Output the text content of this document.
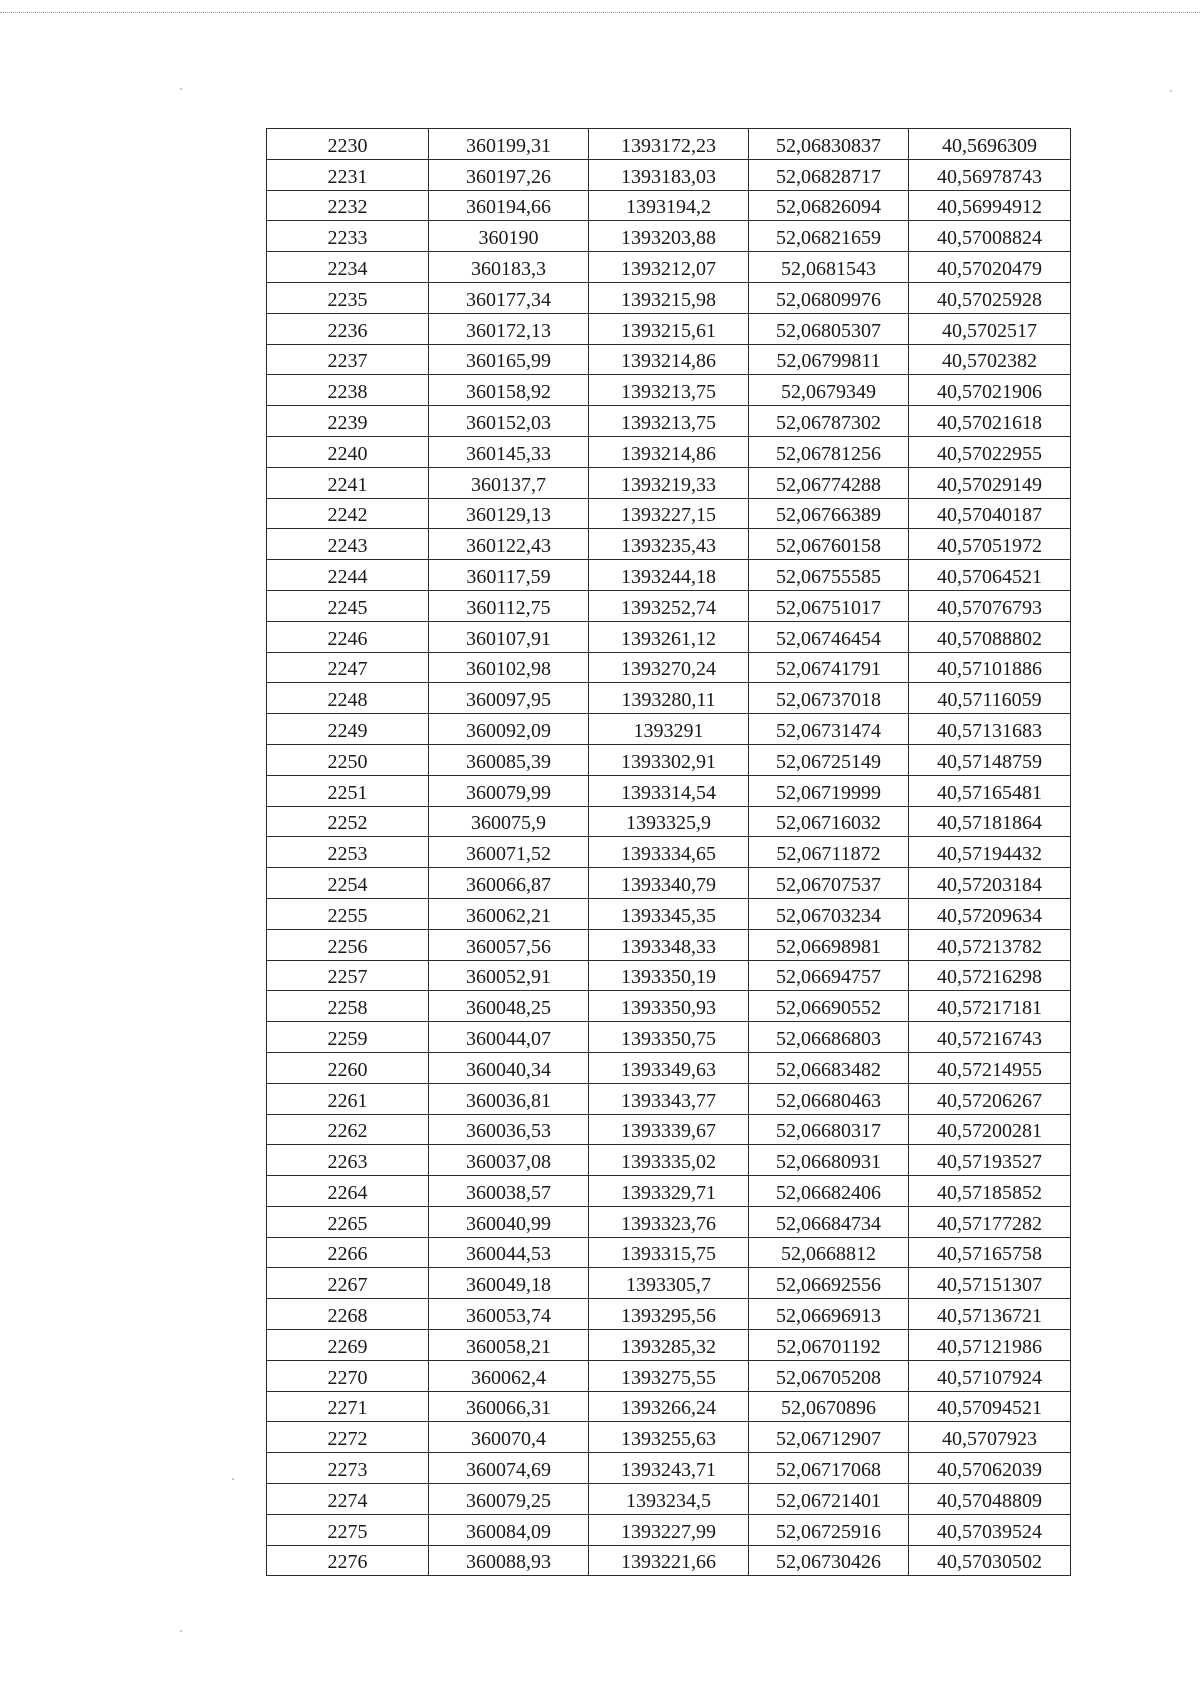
2230	360199,31	1393172,23	52,06830837	40,5696309
2231	360197,26	1393183,03	52,06828717	40,56978743
2232	360194,66	1393194,2	52,06826094	40,56994912
2233	360190	1393203,88	52,06821659	40,57008824
2234	360183,3	1393212,07	52,0681543	40,57020479
2235	360177,34	1393215,98	52,06809976	40,57025928
2236	360172,13	1393215,61	52,06805307	40,5702517
2237	360165,99	1393214,86	52,06799811	40,5702382
2238	360158,92	1393213,75	52,0679349	40,57021906
2239	360152,03	1393213,75	52,06787302	40,57021618
2240	360145,33	1393214,86	52,06781256	40,57022955
2241	360137,7	1393219,33	52,06774288	40,57029149
2242	360129,13	1393227,15	52,06766389	40,57040187
2243	360122,43	1393235,43	52,06760158	40,57051972
2244	360117,59	1393244,18	52,06755585	40,57064521
2245	360112,75	1393252,74	52,06751017	40,57076793
2246	360107,91	1393261,12	52,06746454	40,57088802
2247	360102,98	1393270,24	52,06741791	40,57101886
2248	360097,95	1393280,11	52,06737018	40,57116059
2249	360092,09	1393291	52,06731474	40,57131683
2250	360085,39	1393302,91	52,06725149	40,57148759
2251	360079,99	1393314,54	52,06719999	40,57165481
2252	360075,9	1393325,9	52,06716032	40,57181864
2253	360071,52	1393334,65	52,06711872	40,57194432
2254	360066,87	1393340,79	52,06707537	40,57203184
2255	360062,21	1393345,35	52,06703234	40,57209634
2256	360057,56	1393348,33	52,06698981	40,57213782
2257	360052,91	1393350,19	52,06694757	40,57216298
2258	360048,25	1393350,93	52,06690552	40,57217181
2259	360044,07	1393350,75	52,06686803	40,57216743
2260	360040,34	1393349,63	52,06683482	40,57214955
2261	360036,81	1393343,77	52,06680463	40,57206267
2262	360036,53	1393339,67	52,06680317	40,57200281
2263	360037,08	1393335,02	52,06680931	40,57193527
2264	360038,57	1393329,71	52,06682406	40,57185852
2265	360040,99	1393323,76	52,06684734	40,57177282
2266	360044,53	1393315,75	52,0668812	40,57165758
2267	360049,18	1393305,7	52,06692556	40,57151307
2268	360053,74	1393295,56	52,06696913	40,57136721
2269	360058,21	1393285,32	52,06701192	40,57121986
2270	360062,4	1393275,55	52,06705208	40,57107924
2271	360066,31	1393266,24	52,0670896	40,57094521
2272	360070,4	1393255,63	52,06712907	40,5707923
2273	360074,69	1393243,71	52,06717068	40,57062039
2274	360079,25	1393234,5	52,06721401	40,57048809
2275	360084,09	1393227,99	52,06725916	40,57039524
2276	360088,93	1393221,66	52,06730426	40,57030502
